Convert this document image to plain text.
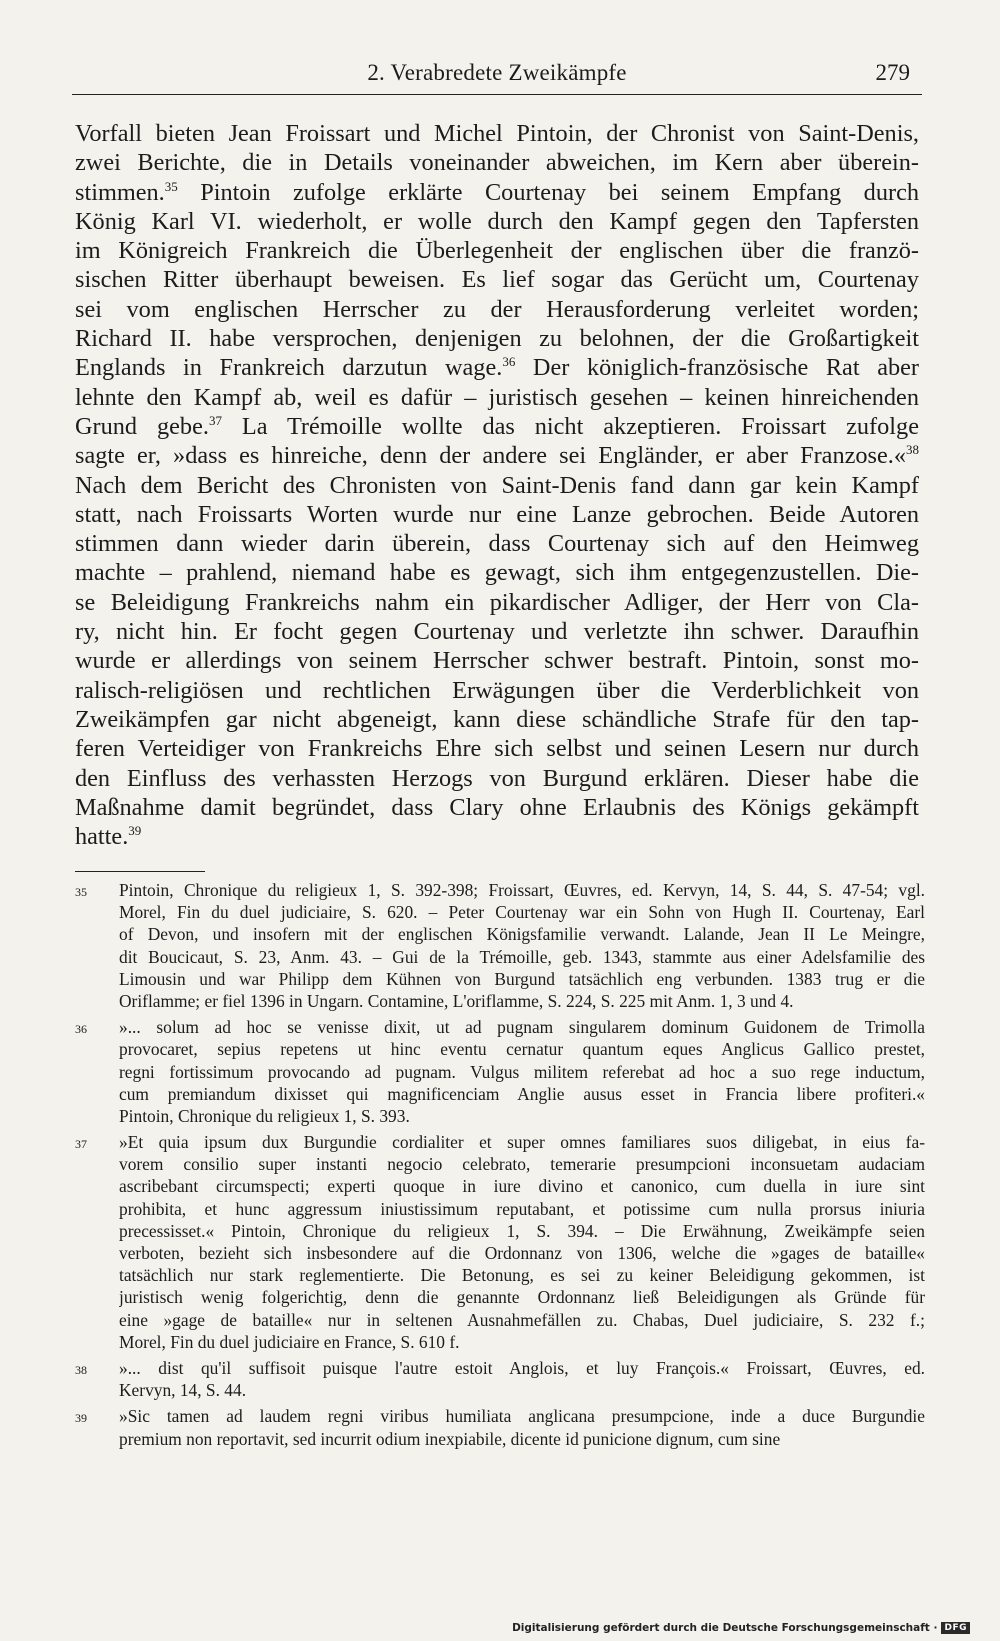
2. Verabredete Zweikämpfe	279
Vorfall bieten Jean Froissart und Michel Pintoin, der Chronist von Saint-Denis,
zwei Berichte, die in Details voneinander abweichen, im Kern aber überein-
stimmen.$^{35}$ Pintoin zufolge erklärte Courtenay bei seinem Empfang durch
König Karl VI. wiederholt, er wolle durch den Kampf gegen den Tapfersten
im Königreich Frankreich die Überlegenheit der englischen über die franzö-
sischen Ritter überhaupt beweisen. Es lief sogar das Gerücht um, Courtenay
sei vom englischen Herrscher zu der Herausforderung verleitet worden;
Richard II. habe versprochen, denjenigen zu belohnen, der die Großartigkeit
Englands in Frankreich darzutun wage.$^{36}$ Der königlich-französische Rat aber
lehnte den Kampf ab, weil es dafür – juristisch gesehen – keinen hinreichenden
Grund gebe.$^{37}$ La Trémoille wollte das nicht akzeptieren. Froissart zufolge
sagte er, »dass es hinreiche, denn der andere sei Engländer, er aber Franzose.«$^{38}$
Nach dem Bericht des Chronisten von Saint-Denis fand dann gar kein Kampf
statt, nach Froissarts Worten wurde nur eine Lanze gebrochen. Beide Autoren
stimmen dann wieder darin überein, dass Courtenay sich auf den Heimweg
machte – prahlend, niemand habe es gewagt, sich ihm entgegenzustellen. Die-
se Beleidigung Frankreichs nahm ein pikardischer Adliger, der Herr von Cla-
ry, nicht hin. Er focht gegen Courtenay und verletzte ihn schwer. Daraufhin
wurde er allerdings von seinem Herrscher schwer bestraft. Pintoin, sonst mo-
ralisch-religiösen und rechtlichen Erwägungen über die Verderblichkeit von
Zweikämpfen gar nicht abgeneigt, kann diese schändliche Strafe für den tap-
feren Verteidiger von Frankreichs Ehre sich selbst und seinen Lesern nur durch
den Einfluss des verhassten Herzogs von Burgund erklären. Dieser habe die
Maßnahme damit begründet, dass Clary ohne Erlaubnis des Königs gekämpft
hatte.$^{39}$
35 Pintoin, Chronique du religieux 1, S. 392-398; Froissart, Œuvres, ed. Kervyn, 14, S. 44, S. 47-54; vgl.
Morel, Fin du duel judiciaire, S. 620. – Peter Courtenay war ein Sohn von Hugh II. Courtenay, Earl
of Devon, und insofern mit der englischen Königsfamilie verwandt. Lalande, Jean II Le Meingre,
dit Boucicaut, S. 23, Anm. 43. – Gui de la Trémoille, geb. 1343, stammte aus einer Adelsfamilie des
Limousin und war Philipp dem Kühnen von Burgund tatsächlich eng verbunden. 1383 trug er die
Oriflamme; er fiel 1396 in Ungarn. Contamine, L'oriflamme, S. 224, S. 225 mit Anm. 1, 3 und 4.
36 »... solum ad hoc se venisse dixit, ut ad pugnam singularem dominum Guidonem de Trimolla
provocaret, sepius repetens ut hinc eventu cernatur quantum eques Anglicus Gallico prestet,
regni fortissimum provocando ad pugnam. Vulgus militem referebat ad hoc a suo rege inductum,
cum premiandum dixisset qui magnificenciam Anglie ausus esset in Francia libere profiteri.«
Pintoin, Chronique du religieux 1, S. 393.
37 »Et quia ipsum dux Burgundie cordialiter et super omnes familiares suos diligebat, in eius fa-
vorem consilio super instanti negocio celebrato, temerarie presumpcioni inconsuetam audaciam
ascribebant circumspecti; experti quoque in iure divino et canonico, cum duella in iure sint
prohibita, et hunc aggressum iniustissimum reputabant, et potissime cum nulla prorsus iniuria
precessisset.« Pintoin, Chronique du religieux 1, S. 394. – Die Erwähnung, Zweikämpfe seien
verboten, bezieht sich insbesondere auf die Ordonnanz von 1306, welche die »gages de bataille«
tatsächlich nur stark reglementierte. Die Betonung, es sei zu keiner Beleidigung gekommen, ist
juristisch wenig folgerichtig, denn die genannte Ordonnanz ließ Beleidigungen als Gründe für
eine »gage de bataille« nur in seltenen Ausnahmefällen zu. Chabas, Duel judiciaire, S. 232 f.;
Morel, Fin du duel judiciaire en France, S. 610 f.
38 »... dist qu'il suffisoit puisque l'autre estoit Anglois, et luy François.« Froissart, Œuvres, ed.
Kervyn, 14, S. 44.
39 »Sic tamen ad laudem regni viribus humiliata anglicana presumpcione, inde a duce Burgundie
premium non reportavit, sed incurrit odium inexpiabile, dicente id punicione dignum, cum sine
Digitalisierung gefördert durch die Deutsche Forschungsgemeinschaft · DFG
